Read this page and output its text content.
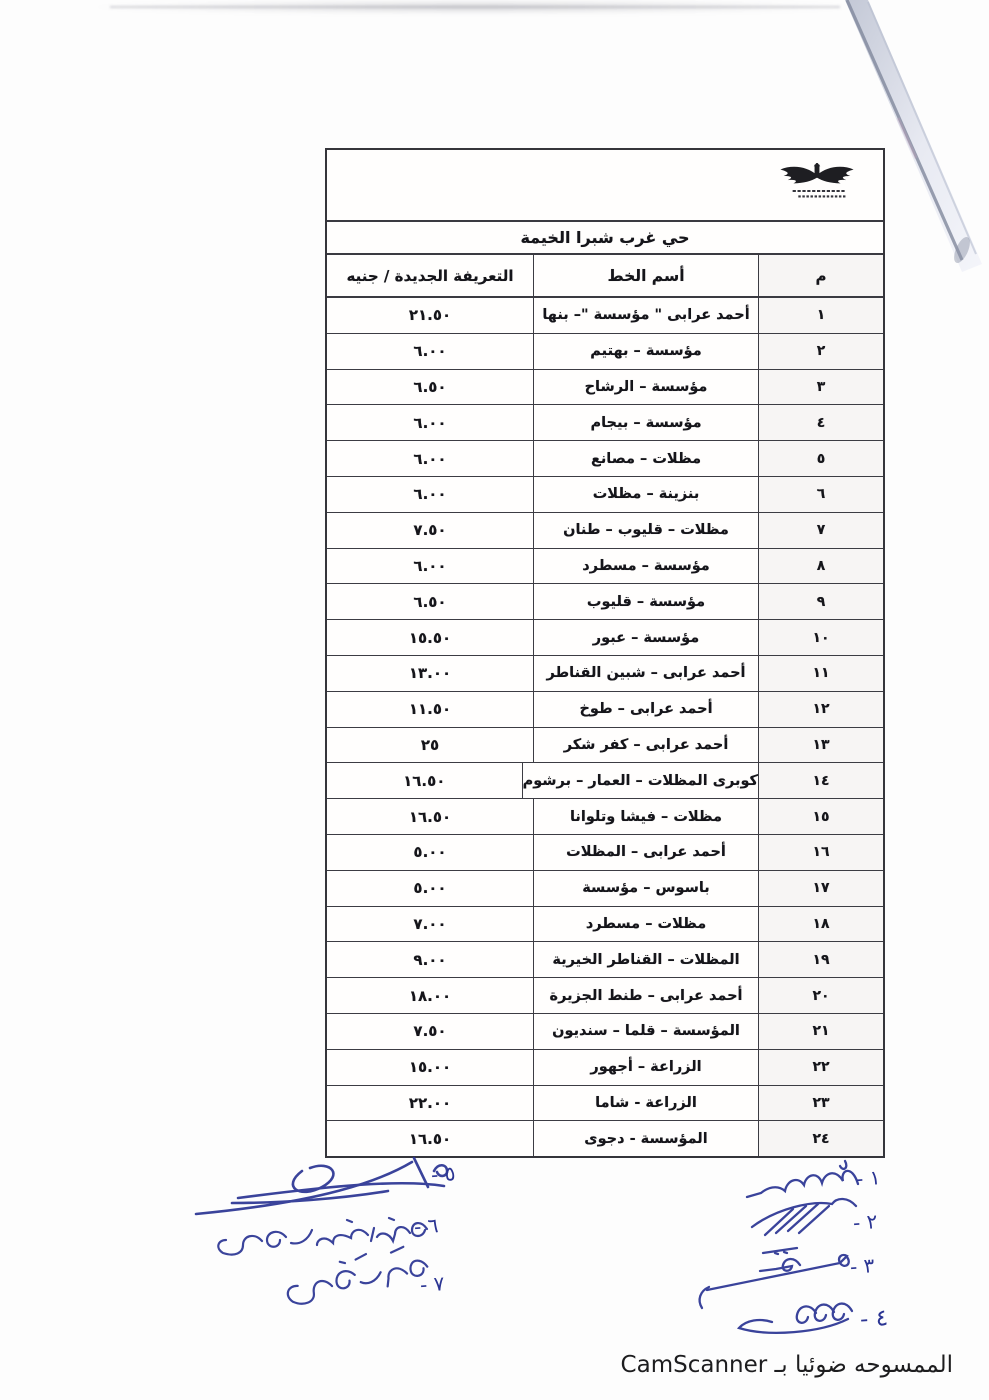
حي غرب شبرا الخيمة
م
أسم الخط
التعريفة الجديدة / جنيه
١
أحمد عرابى " مؤسسة "– بنها
٢١.٥٠
٢
مؤسسة – بهتيم
٦.٠٠
٣
مؤسسة – الرشاح
٦.٥٠
٤
مؤسسة – بيجام
٦.٠٠
٥
مظلات – مصانع
٦.٠٠
٦
بنزينة – مظلات
٦.٠٠
٧
مظلات – قليوب – طنان
٧.٥٠
٨
مؤسسة – مسطرد
٦.٠٠
٩
مؤسسة – قليوب
٦.٥٠
١٠
مؤسسة – عبور
١٥.٥٠
١١
أحمد عرابى – شبين القناطر
١٣.٠٠
١٢
أحمد عرابى – طوخ
١١.٥٠
١٣
أحمد عرابى – كفر شكر
٢٥
١٤
كوبرى المظلات – العمار – برشوم
١٦.٥٠
١٥
مظلات – فيشا وتلوانا
١٦.٥٠
١٦
أحمد عرابى – المظلات
٥.٠٠
١٧
باسوس – مؤسسة
٥.٠٠
١٨
مظلات – مسطرد
٧.٠٠
١٩
المظلات – القناطر الخيرية
٩.٠٠
٢٠
أحمد عرابى – طنط الجزيرة
١٨.٠٠
٢١
المؤسسة – قلما – سنديون
٧.٥٠
٢٢
الزراعة – أجهور
١٥.٠٠
٢٣
الزراعة - شاما
٢٢.٠٠
٢٤
المؤسسة - دجوى
١٦.٥٠
١ -
٢ -
٣ -
٤ -
٥ -
٦ -
٧ -
الممسوحه ضوئيا بـ CamScanner
